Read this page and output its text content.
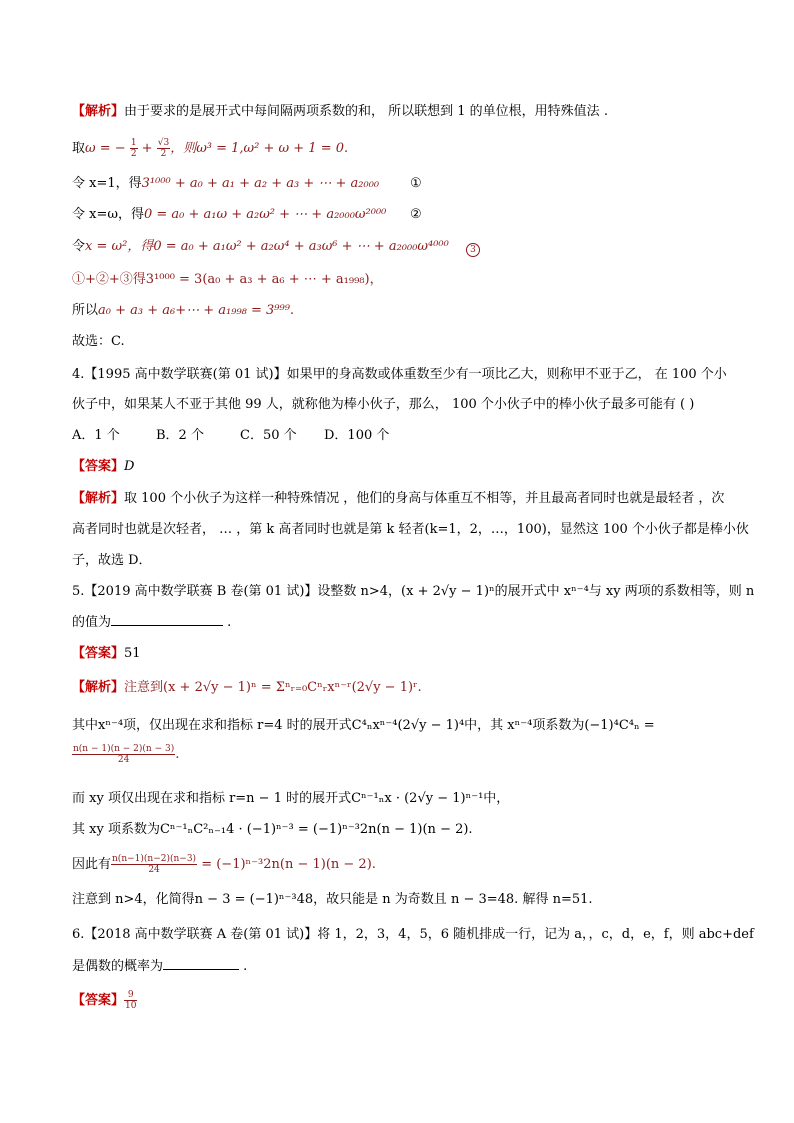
【解析】由于要求的是展开式中每间隔两项系数的和， 所以联想到 1 的单位根，用特殊值法 .
取ω = − $\frac{1}{2} + \frac{√3}{2}$ ，则ω³ = 1,ω² + ω + 1 = 0.
令 x=1，得3¹⁰⁰⁰ + a₀ + a₁ + a₂ + a₃ + ⋯ + a₂₀₀₀ ①
令 x=ω，得0 = a₀ + a₁ω + a₂ω² + ⋯ + a₂₀₀₀ω²⁰⁰⁰ ②
令x = ω²，得0 = a₀ + a₁ω² + a₂ω⁴ + a₃ω⁶ + ⋯ + a₂₀₀₀ω⁴⁰⁰⁰	3
①+②+③得3¹⁰⁰⁰ = 3(a₀ + a₃ + a₆ + ⋯ + a₁₉₉₈)，
所以a₀ + a₃ + a₆+⋯ + a₁₉₉₈ = 3⁹⁹⁹.
故选：C.
4.【1995 高中数学联赛(第 01 试)】如果甲的身高数或体重数至少有一项比乙大，则称甲不亚于乙， 在 100 个小
伙子中，如果某人不亚于其他 99 人，就称他为棒小伙子，那么， 100 个小伙子中的棒小伙子最多可能有 ( )
A．1 个	B．2 个	C．50 个 D．100 个
【答案】D
【解析】取 100 个小伙子为这样一种特殊情况 ，他们的身高与体重互不相等，并且最高者同时也就是最轻者 ，次
高者同时也就是次轻者， … ，第 k 高者同时也就是第 k 轻者(k=1，2，…，100)，显然这 100 个小伙子都是棒小伙
子，故选 D．
5.【2019 高中数学联赛 B 卷(第 01 试)】设整数 n>4，(x + 2√y − 1)ⁿ的展开式中 xⁿ⁻⁴与 xy 两项的系数相等，则 n
的值为	.
【答案】51
【解析】注意到(x + 2√y − 1)ⁿ = Σⁿᵣ₌₀Cⁿᵣxⁿ⁻ʳ(2√y − 1)ʳ.
其中xⁿ⁻⁴项，仅出现在求和指标 r=4 时的展开式C⁴ₙxⁿ⁻⁴(2√y − 1)⁴中，其 xⁿ⁻⁴项系数为(−1)⁴C⁴ₙ =
$\frac{n(n - 1)(n - 2)(n - 3)}{24}$ .
而 xy 项仅出现在求和指标 r=n − 1 时的展开式Cⁿ⁻¹ₙx · (2√y − 1)ⁿ⁻¹中，
其 xy 项系数为Cⁿ⁻¹ₙC²ₙ₋₁4 · (−1)ⁿ⁻³ = (−1)ⁿ⁻³2n(n − 1)(n − 2).
因此有 $\frac{n(n-1)(n-2)(n-3)}{24} = (-1)^{n-3}2n(n - 1)(n - 2)$.
注意到 n>4，化简得n − 3 = (−1)ⁿ⁻³48，故只能是 n 为奇数且 n − 3=48. 解得 n=51.
6.【2018 高中数学联赛 A 卷(第 01 试)】将 1，2，3，4，5，6 随机排成一行，记为 a，，c，d，e，f，则 abc+def
是偶数的概率为	.
【答案】 $\frac{9}{10}$
